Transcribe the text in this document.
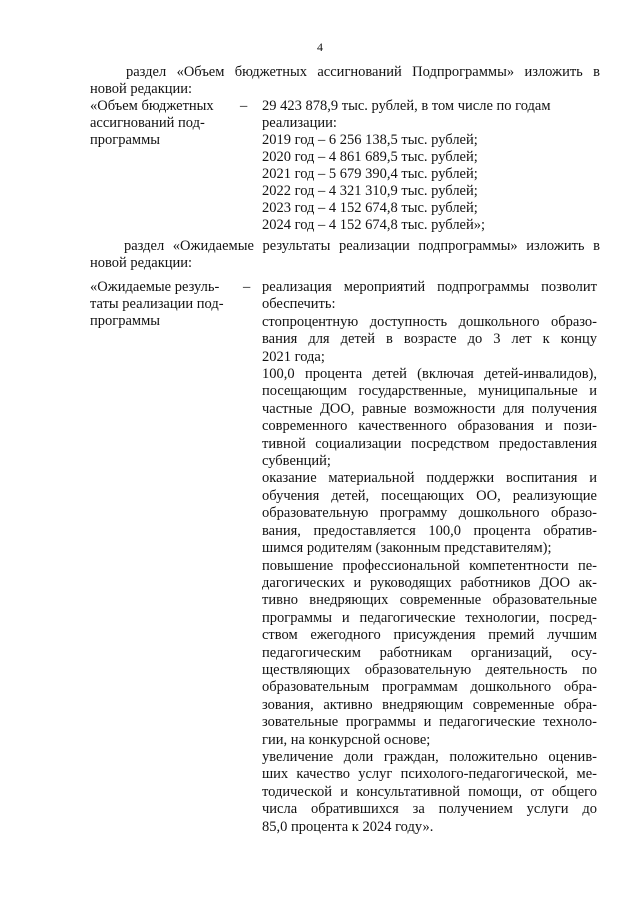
4
раздел «Объем бюджетных ассигнований Подпрограммы» изложить в
новой редакции:
«Объем бюджетных
ассигнований под-
программы
– 29 423 878,9 тыс. рублей, в том числе по годам
реализации:
2019 год – 6 256 138,5 тыс. рублей;
2020 год – 4 861 689,5 тыс. рублей;
2021 год – 5 679 390,4 тыс. рублей;
2022 год – 4 321 310,9 тыс. рублей;
2023 год – 4 152 674,8 тыс. рублей;
2024 год – 4 152 674,8 тыс. рублей»;
раздел «Ожидаемые результаты реализации подпрограммы» изложить в
новой редакции:
«Ожидаемые резуль-
таты реализации под-
программы
– реализация мероприятий подпрограммы позволит
обеспечить:
стопроцентную доступность дошкольного образо-
вания для детей в возрасте до 3 лет к концу
2021 года;
100,0 процента детей (включая детей-инвалидов),
посещающим государственные, муниципальные и
частные ДОО, равные возможности для получения
современного качественного образования и пози-
тивной социализации посредством предоставления
субвенций;
оказание материальной поддержки воспитания и
обучения детей, посещающих ОО, реализующие
образовательную программу дошкольного образо-
вания, предоставляется 100,0 процента обратив-
шимся родителям (законным представителям);
повышение профессиональной компетентности пе-
дагогических и руководящих работников ДОО ак-
тивно внедряющих современные образовательные
программы и педагогические технологии, посред-
ством ежегодного присуждения премий лучшим
педагогическим работникам организаций, осу-
ществляющих образовательную деятельность по
образовательным программам дошкольного обра-
зования, активно внедряющим современные обра-
зовательные программы и педагогические техноло-
гии, на конкурсной основе;
увеличение доли граждан, положительно оценив-
ших качество услуг психолого-педагогической, ме-
тодической и консультативной помощи, от общего
числа обратившихся за получением услуги до
85,0 процента к 2024 году».
